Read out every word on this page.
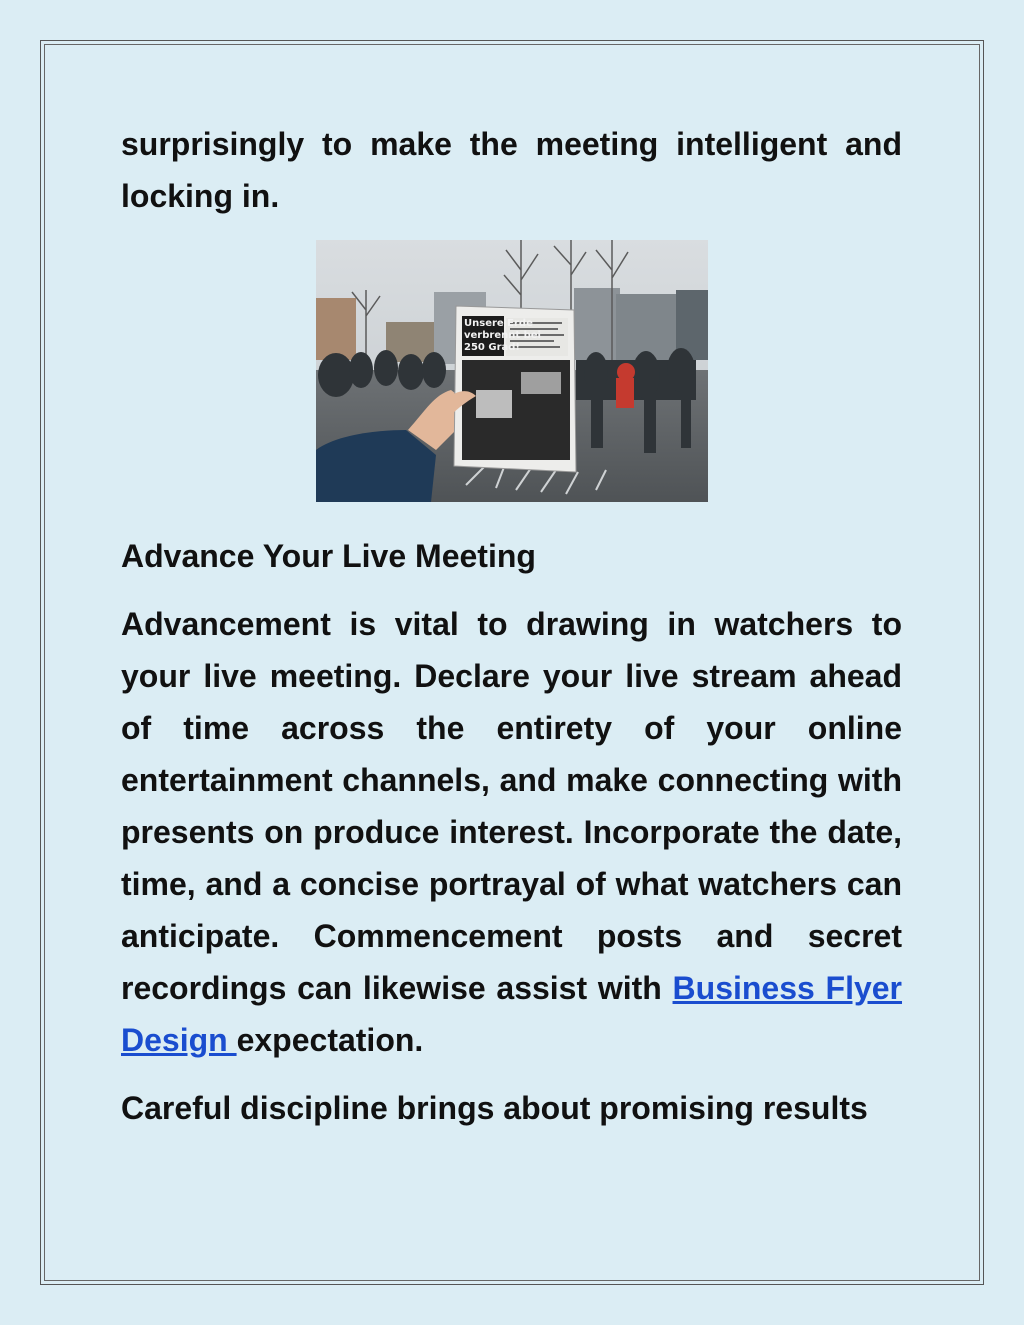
surprisingly to make the meeting intelligent and locking in.

Unsere Erde
verbrennt bei
250 Grad!

Advance Your Live Meeting

Advancement is vital to drawing in watchers to your live meeting. Declare your live stream ahead of time across the entirety of your online entertainment channels, and make connecting with presents on produce interest. Incorporate the date, time, and a concise portrayal of what watchers can anticipate. Commencement posts and secret recordings can likewise assist with Business Flyer Design expectation.

Careful discipline brings about promising results
